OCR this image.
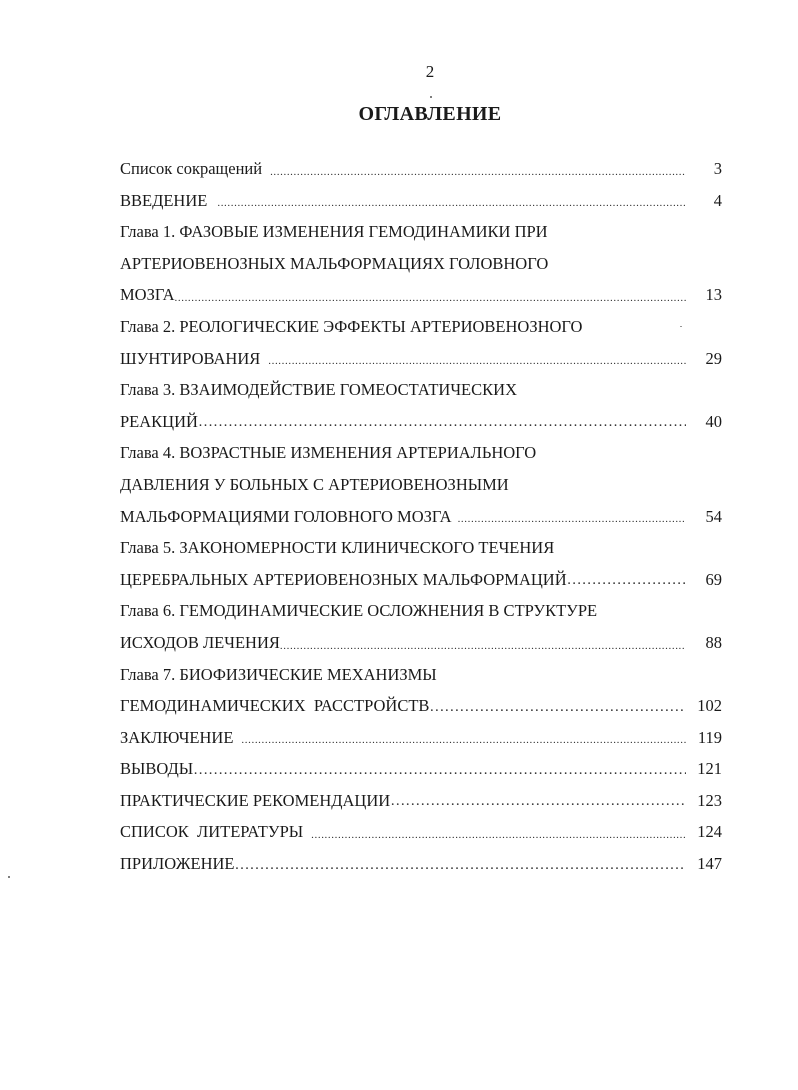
2
ОГЛАВЛЕНИЕ
Список сокращений .....	3
ВВЕДЕНИЕ .....	4
Глава 1. ФАЗОВЫЕ ИЗМЕНЕНИЯ ГЕМОДИНАМИКИ ПРИ
АРТЕРИОВЕНОЗНЫХ МАЛЬФОРМАЦИЯХ ГОЛОВНОГО
МОЗГА .....	13
Глава 2. РЕОЛОГИЧЕСКИЕ ЭФФЕКТЫ АРТЕРИОВЕНОЗНОГО
ШУНТИРОВАНИЯ .....	29
Глава 3. ВЗАИМОДЕЙСТВИЕ ГОМЕОСТАТИЧЕСКИХ
РЕАКЦИЙ …………………………………………………………………………………………………………………………………………………	40
Глава 4. ВОЗРАСТНЫЕ ИЗМЕНЕНИЯ АРТЕРИАЛЬНОГО
ДАВЛЕНИЯ У БОЛЬНЫХ С АРТЕРИОВЕНОЗНЫМИ
МАЛЬФОРМАЦИЯМИ ГОЛОВНОГО МОЗГА .....	54
Глава 5. ЗАКОНОМЕРНОСТИ КЛИНИЧЕСКОГО ТЕЧЕНИЯ
ЦЕРЕБРАЛЬНЫХ АРТЕРИОВЕНОЗНЫХ МАЛЬФОРМАЦИЙ …………………………………………………………………………………………………………………………………………………	69
Глава 6. ГЕМОДИНАМИЧЕСКИЕ ОСЛОЖНЕНИЯ В СТРУКТУРЕ
ИСХОДОВ ЛЕЧЕНИЯ .....	88
Глава 7. БИОФИЗИЧЕСКИЕ МЕХАНИЗМЫ
ГЕМОДИНАМИЧЕСКИХ  РАССТРОЙСТВ …………………………………………………………………………………………………………………………………………………	102
ЗАКЛЮЧЕНИЕ .....	119
ВЫВОДЫ …………………………………………………………………………………………………………………………………………………	121
ПРАКТИЧЕСКИЕ РЕКОМЕНДАЦИИ …………………………………………………………………………………………………………………………………………………	123
СПИСОК  ЛИТЕРАТУРЫ .....	124
ПРИЛОЖЕНИЕ …………………………………………………………………………………………………………………………………………………	147
